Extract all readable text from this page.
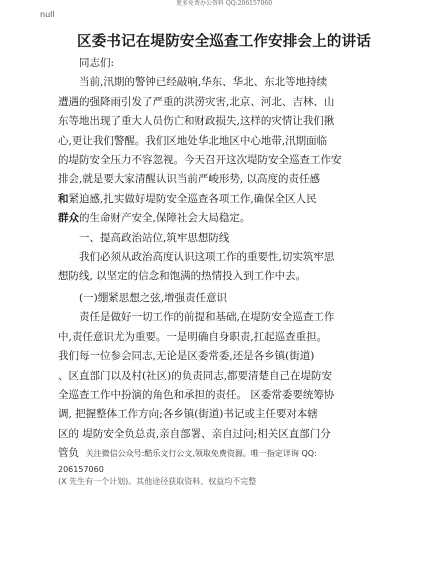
更多免费办公资料 QQ:206157060
null
区委书记在堤防安全巡查工作安排会上的讲话

同志们:

当前,汛期的警钟已经敲响,华东、华北、东北等地持续

遭遇的强降雨引发了严重的洪涝灾害,北京、河北、吉林、山

东等地出现了重大人员伤亡和财政损失,这样的灾情让我们揪

心,更让我们警醒。我们区地处华北地区中心地带,汛期面临

的堤防安全压力不容忽视。今天召开这次堤防安全巡查工作安

排会,就是要大家清醒认识当前严峻形势, 以高度的责任感

和紧迫感,扎实做好堤防安全巡查各项工作,确保全区人民

群众的生命财产安全,保障社会大局稳定。

一、提高政治站位,筑牢思想防线

我们必须从政治高度认识这项工作的重要性,切实筑牢思

想防线, 以坚定的信念和饱满的热情投入到工作中去。

(一)绷紧思想之弦,增强责任意识

责任是做好一切工作的前提和基础,在堤防安全巡查工作

中,责任意识尤为重要。一是明确自身职责,扛起巡查重担。

我们每一位参会同志,无论是区委常委,还是各乡镇(街道)

、区直部门以及村(社区)的负责同志,都要清楚自己在堤防安

全巡查工作中扮演的角色和承担的责任。 区委常委要统筹协

调, 把握整体工作方向;各乡镇(街道)书记或主任要对本辖

区的 堤防安全负总责,亲自部署、亲自过问;相关区直部门分

管负 关注微信公众号:酷乐文行公文,领取免费资源。唯一指定详询 QQ:

206157060

(X 先生有一个计划)。其他途径获取资料、权益均不完整
